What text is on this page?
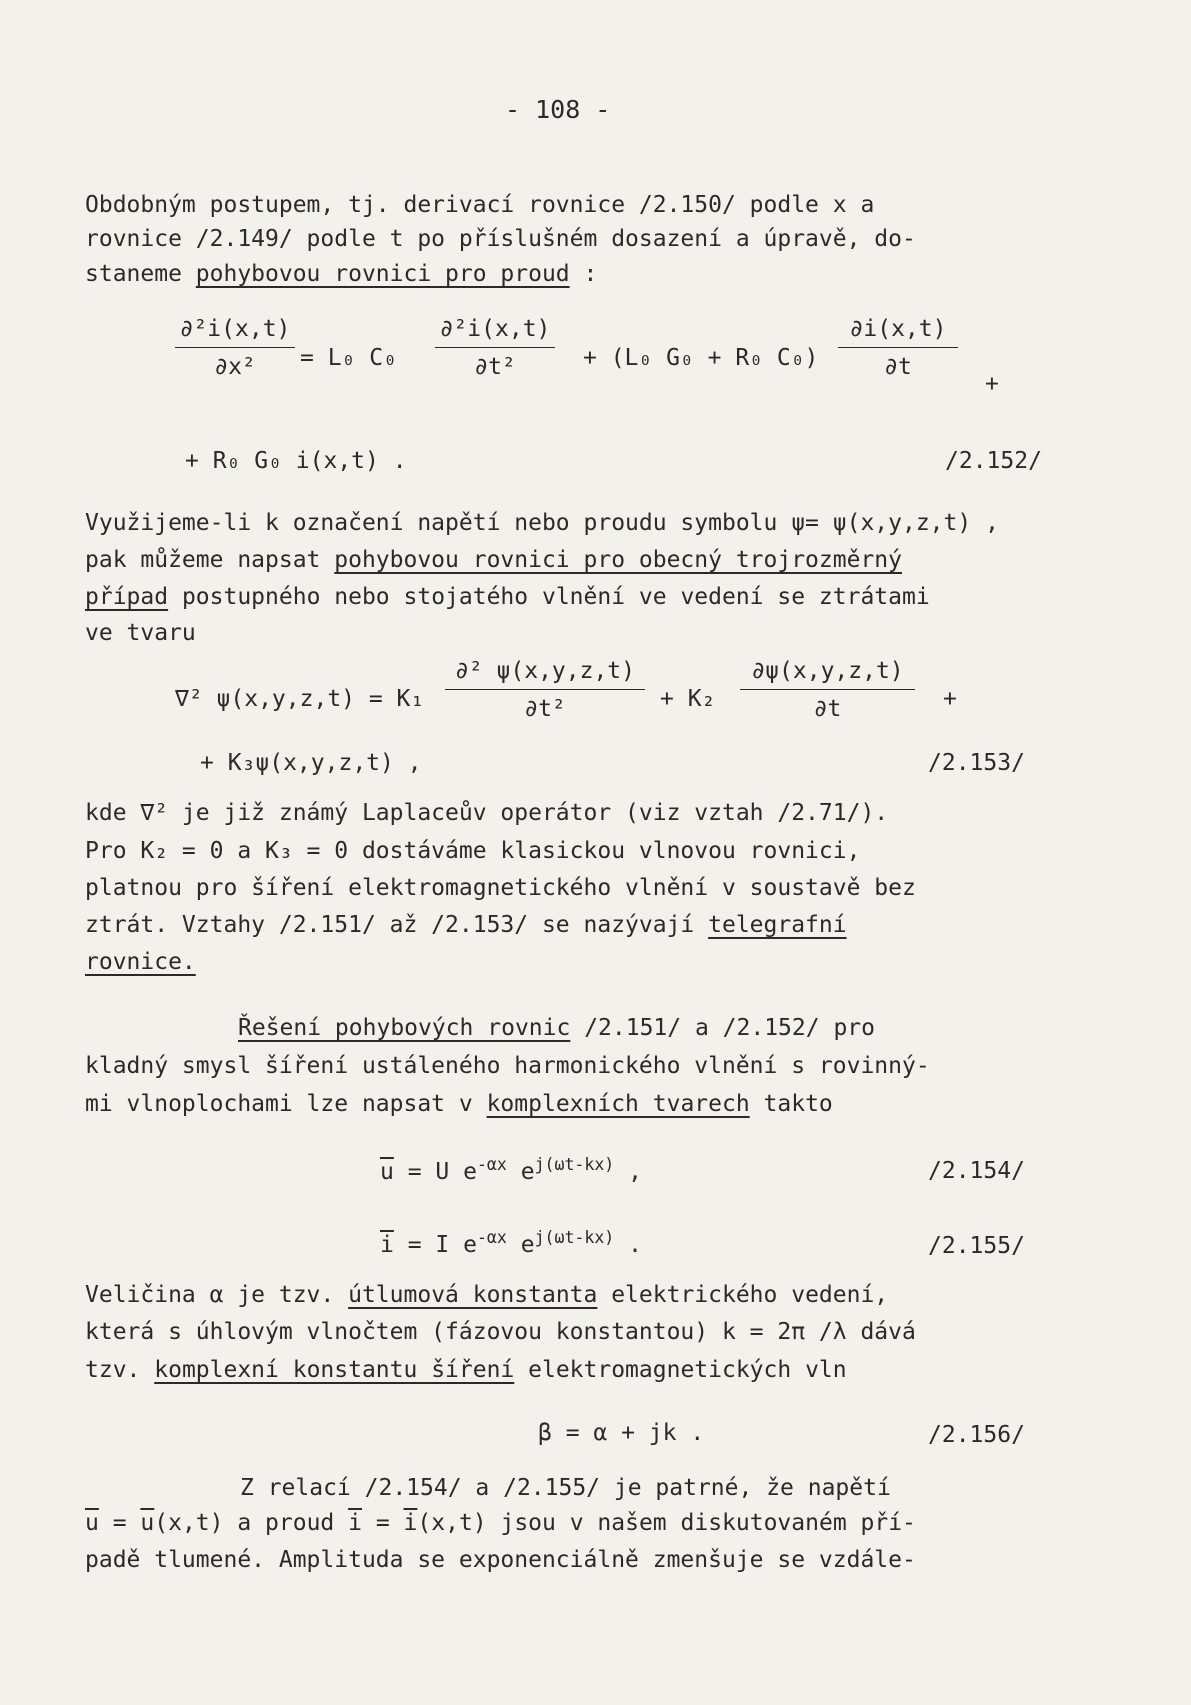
- 108 -
Obdobným postupem, tj. derivací rovnice /2.150/ podle x a
rovnice /2.149/ podle t po příslušném dosazení a úpravě, do-
staneme pohybovou rovnici pro proud :
∂²i(x,t)
∂x²	= L₀ C₀
∂²i(x,t)
∂t²	+ (L₀ G₀ + R₀ C₀)
∂i(x,t)
∂t
+
+ R₀ G₀ i(x,t) .	/2.152/
Využijeme-li k označení napětí nebo proudu symbolu ψ= ψ(x,y,z,t) ,
pak můžeme napsat pohybovou rovnici pro obecný trojrozměrný
případ postupného nebo stojatého vlnění ve vedení se ztrátami
ve tvaru
∇² ψ(x,y,z,t) = K₁
∂² ψ(x,y,z,t)
∂t²	+ K₂
∂ψ(x,y,z,t)
∂t	+
+ K₃ψ(x,y,z,t) ,	/2.153/
kde ∇² je již známý Laplaceův operátor (viz vztah /2.71/).
Pro K₂ = 0 a K₃ = 0 dostáváme klasickou vlnovou rovnici,
platnou pro šíření elektromagnetického vlnění v soustavě bez
ztrát. Vztahy /2.151/ až /2.153/ se nazývají telegrafní
rovnice.
Řešení pohybových rovnic /2.151/ a /2.152/ pro
kladný smysl šíření ustáleného harmonického vlnění s rovinný-
mi vlnoplochami lze napsat v komplexních tvarech takto
$\overline{u} = U$ $e^{-\alpha x}$ $e^{j(\omega t-kx)}$ ,	/2.154/
$\overline{i} = I$ $e^{-\alpha x}$ $e^{j(\omega t-kx)}$ .	/2.155/
Veličina α je tzv. útlumová konstanta elektrického vedení,
která s úhlovým vlnočtem (fázovou konstantou) k = 2π /λ dává
tzv. komplexní konstantu šíření elektromagnetických vln
β = α + jk .	/2.156/
Z relací /2.154/ a /2.155/ je patrné, že napětí
$\overline{u} = \overline{u}(x,t)$ a proud $\overline{i} = \overline{i}(x,t)$ jsou v našem diskutovaném pří-
padě tlumené. Amplituda se exponenciálně zmenšuje se vzdále-
